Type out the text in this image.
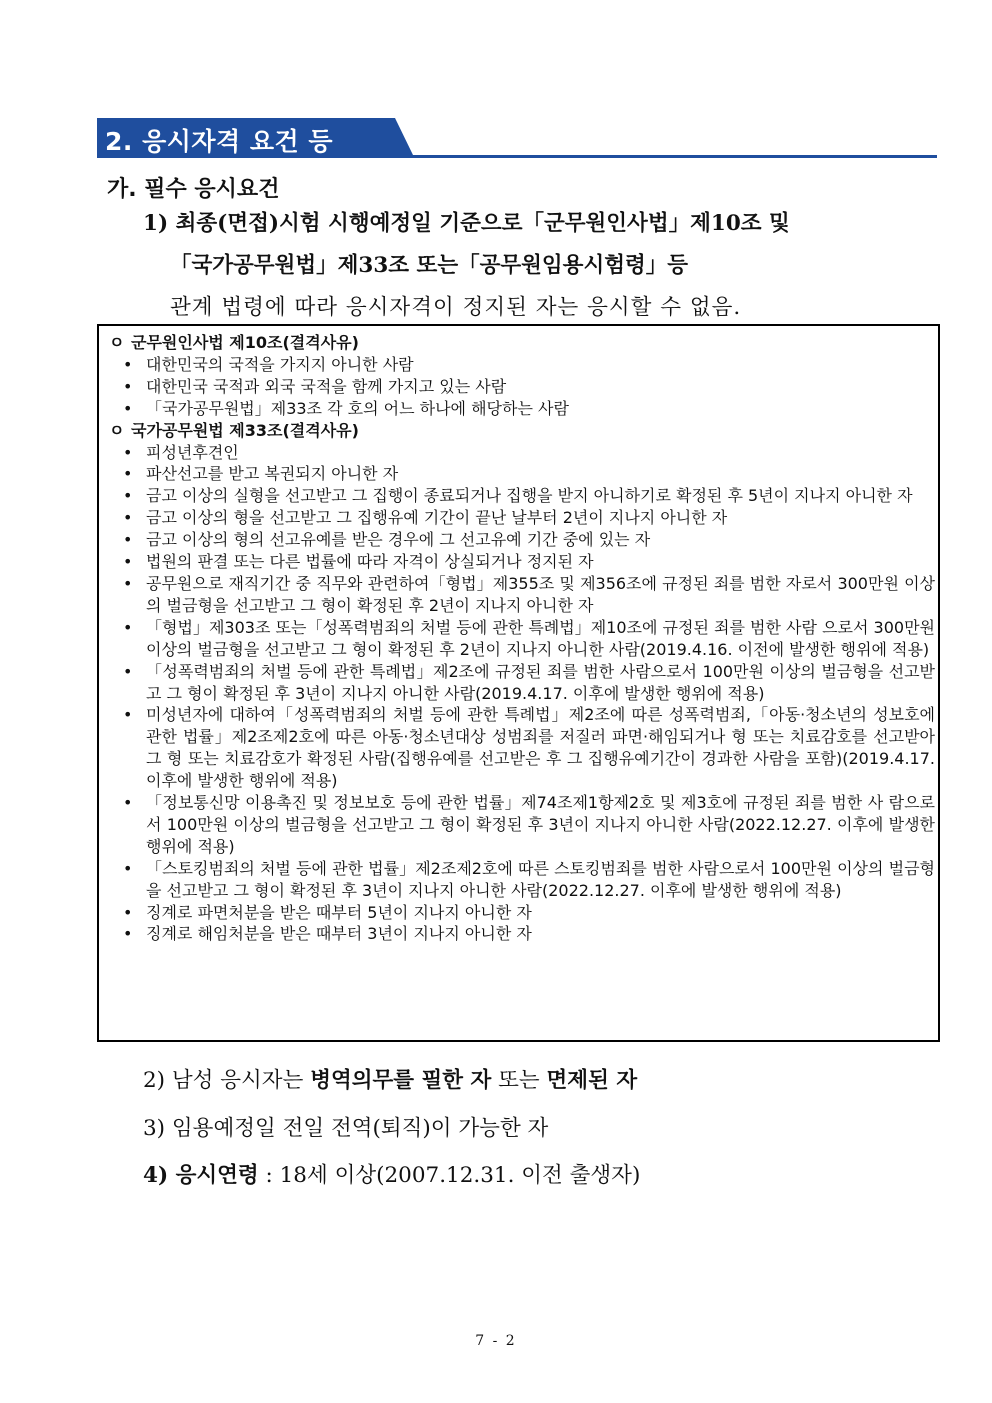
2. 응시자격 요건 등
가. 필수 응시요건
1) 최종(면접)시험 시행예정일 기준으로「군무원인사법」제10조 및
「국가공무원법」제33조 또는「공무원임용시험령」등
관계 법령에 따라 응시자격이 정지된 자는 응시할 수 없음.
ㅇ 군무원인사법 제10조(결격사유)
• 대한민국의 국적을 가지지 아니한 사람
• 대한민국 국적과 외국 국적을 함께 가지고 있는 사람
• 「국가공무원법」제33조 각 호의 어느 하나에 해당하는 사람
ㅇ 국가공무원법 제33조(결격사유)
• 피성년후견인
• 파산선고를 받고 복권되지 아니한 자
• 금고 이상의 실형을 선고받고 그 집행이 종료되거나 집행을 받지 아니하기로 확정된 후 5년이 지나지 아니한 자
• 금고 이상의 형을 선고받고 그 집행유예 기간이 끝난 날부터 2년이 지나지 아니한 자
• 금고 이상의 형의 선고유예를 받은 경우에 그 선고유예 기간 중에 있는 자
• 법원의 판결 또는 다른 법률에 따라 자격이 상실되거나 정지된 자
• 공무원으로 재직기간 중 직무와 관련하여「형법」제355조 및 제356조에 규정된 죄를 범한 자로서 300만원 이상의 벌금형을 선고받고 그 형이 확정된 후 2년이 지나지 아니한 자
• 「형법」제303조 또는「성폭력범죄의 처벌 등에 관한 특례법」제10조에 규정된 죄를 범한 사람 으로서 300만원 이상의 벌금형을 선고받고 그 형이 확정된 후 2년이 지나지 아니한 사람(2019.4.16. 이전에 발생한 행위에 적용)
• 「성폭력범죄의 처벌 등에 관한 특례법」제2조에 규정된 죄를 범한 사람으로서 100만원 이상의 벌금형을 선고받고 그 형이 확정된 후 3년이 지나지 아니한 사람(2019.4.17. 이후에 발생한 행위에 적용)
• 미성년자에 대하여「성폭력범죄의 처벌 등에 관한 특례법」제2조에 따른 성폭력범죄,「아동·청소년의 성보호에 관한 법률」제2조제2호에 따른 아동·청소년대상 성범죄를 저질러 파면·해임되거나 형 또는 치료감호를 선고받아 그 형 또는 치료감호가 확정된 사람(집행유예를 선고받은 후 그 집행유예기간이 경과한 사람을 포함)(2019.4.17. 이후에 발생한 행위에 적용)
• 「정보통신망 이용촉진 및 정보보호 등에 관한 법률」제74조제1항제2호 및 제3호에 규정된 죄를 범한 사 람으로서 100만원 이상의 벌금형을 선고받고 그 형이 확정된 후 3년이 지나지 아니한 사람(2022.12.27. 이후에 발생한 행위에 적용)
• 「스토킹범죄의 처벌 등에 관한 법률」제2조제2호에 따른 스토킹범죄를 범한 사람으로서 100만원 이상의 벌금형을 선고받고 그 형이 확정된 후 3년이 지나지 아니한 사람(2022.12.27. 이후에 발생한 행위에 적용)
• 징계로 파면처분을 받은 때부터 5년이 지나지 아니한 자
• 징계로 해임처분을 받은 때부터 3년이 지나지 아니한 자
2) 남성 응시자는 병역의무를 필한 자 또는 면제된 자
3) 임용예정일 전일 전역(퇴직)이 가능한 자
4) 응시연령 : 18세 이상(2007.12.31. 이전 출생자)
7 - 2
